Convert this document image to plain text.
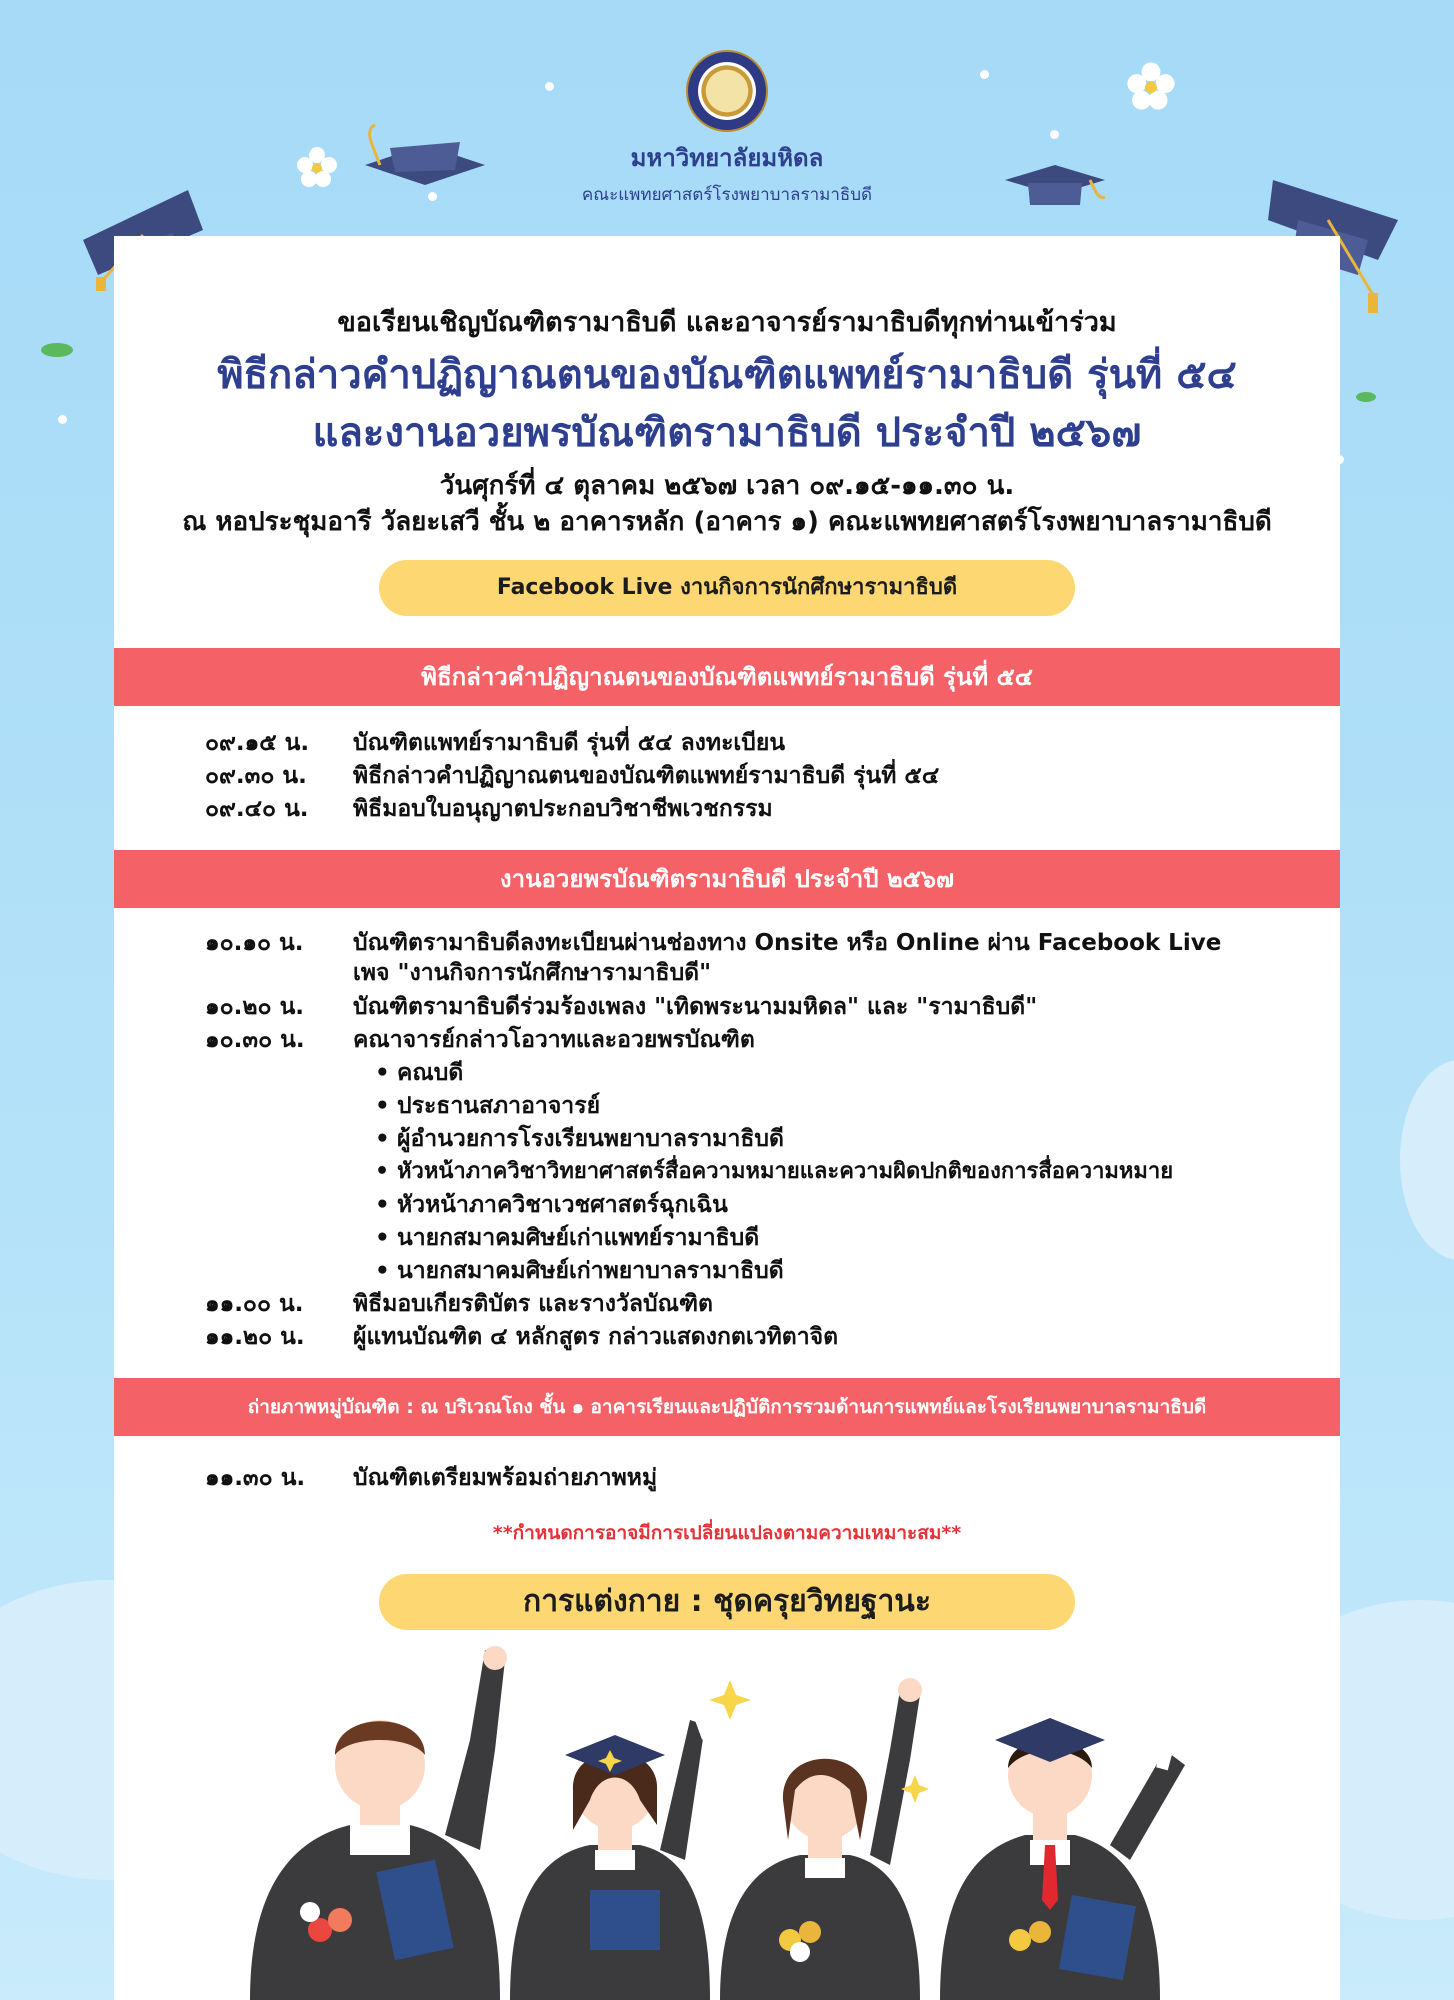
มหาวิทยาลัยมหิดล
คณะแพทยศาสตร์โรงพยาบาลรามาธิบดี
ขอเรียนเชิญบัณฑิตรามาธิบดี และอาจารย์รามาธิบดีทุกท่านเข้าร่วม
พิธีกล่าวคำปฏิญาณตนของบัณฑิตแพทย์รามาธิบดี รุ่นที่ ๕๔
และงานอวยพรบัณฑิตรามาธิบดี ประจำปี ๒๕๖๗
วันศุกร์ที่ ๔ ตุลาคม ๒๕๖๗ เวลา ๐๙.๑๕-๑๑.๓๐ น.
ณ หอประชุมอารี วัลยะเสวี ชั้น ๒ อาคารหลัก (อาคาร ๑) คณะแพทยศาสตร์โรงพยาบาลรามาธิบดี
Facebook Live งานกิจการนักศึกษารามาธิบดี
พิธีกล่าวคำปฏิญาณตนของบัณฑิตแพทย์รามาธิบดี รุ่นที่ ๕๔
๐๙.๑๕ น. บัณฑิตแพทย์รามาธิบดี รุ่นที่ ๕๔ ลงทะเบียน
๐๙.๓๐ น. พิธีกล่าวคำปฏิญาณตนของบัณฑิตแพทย์รามาธิบดี รุ่นที่ ๕๔
๐๙.๔๐ น. พิธีมอบใบอนุญาตประกอบวิชาชีพเวชกรรม
งานอวยพรบัณฑิตรามาธิบดี ประจำปี ๒๕๖๗
๑๐.๑๐ น. บัณฑิตรามาธิบดีลงทะเบียนผ่านช่องทาง Onsite หรือ Online ผ่าน Facebook Live
เพจ "งานกิจการนักศึกษารามาธิบดี"
๑๐.๒๐ น. บัณฑิตรามาธิบดีร่วมร้องเพลง "เทิดพระนามมหิดล" และ "รามาธิบดี"
๑๐.๓๐ น. คณาจารย์กล่าวโอวาทและอวยพรบัณฑิต
• คณบดี
• ประธานสภาอาจารย์
• ผู้อำนวยการโรงเรียนพยาบาลรามาธิบดี
• หัวหน้าภาควิชาวิทยาศาสตร์สื่อความหมายและความผิดปกติของการสื่อความหมาย
• หัวหน้าภาควิชาเวชศาสตร์ฉุกเฉิน
• นายกสมาคมศิษย์เก่าแพทย์รามาธิบดี
• นายกสมาคมศิษย์เก่าพยาบาลรามาธิบดี
๑๑.๐๐ น. พิธีมอบเกียรติบัตร และรางวัลบัณฑิต
๑๑.๒๐ น. ผู้แทนบัณฑิต ๔ หลักสูตร กล่าวแสดงกตเวทิตาจิต
ถ่ายภาพหมู่บัณฑิต : ณ บริเวณโถง ชั้น ๑ อาคารเรียนและปฏิบัติการรวมด้านการแพทย์และโรงเรียนพยาบาลรามาธิบดี
๑๑.๓๐ น. บัณฑิตเตรียมพร้อมถ่ายภาพหมู่
**กำหนดการอาจมีการเปลี่ยนแปลงตามความเหมาะสม**
การแต่งกาย : ชุดครุยวิทยฐานะ
